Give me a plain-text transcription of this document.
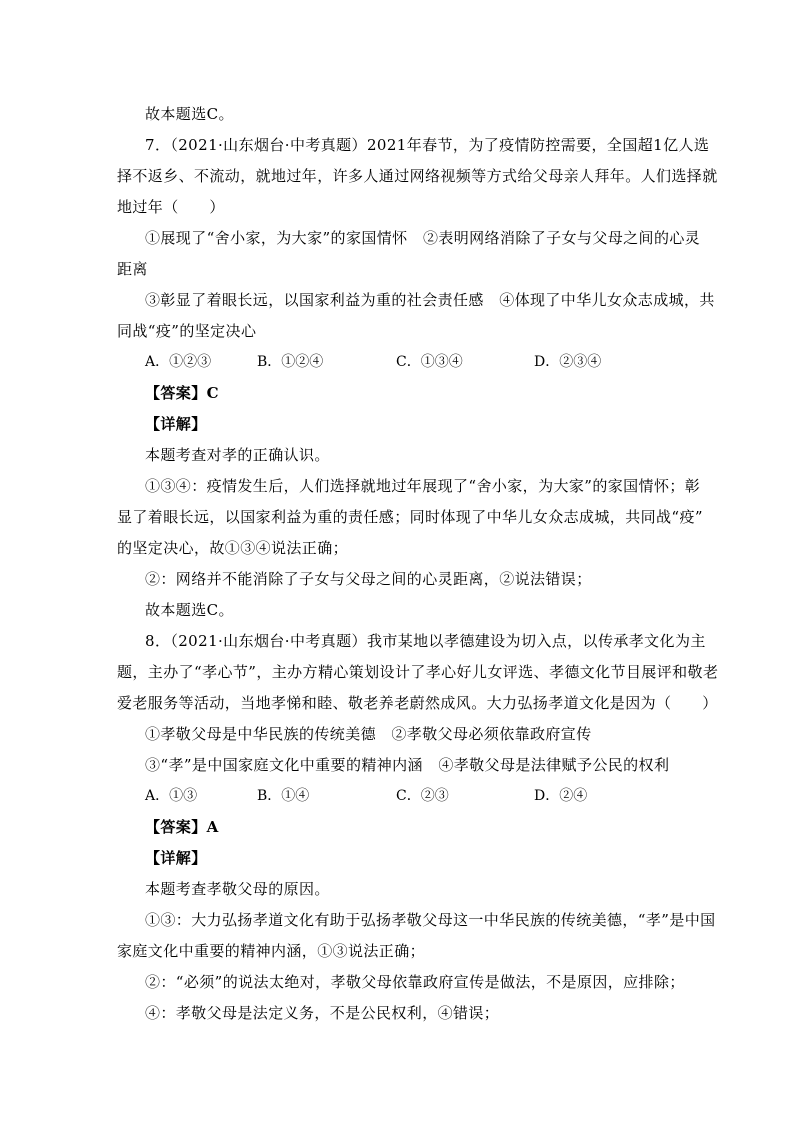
故本题选C。
7．（2021·山东烟台·中考真题）2021年春节，为了疫情防控需要，全国超1亿人选
择不返乡、不流动，就地过年，许多人通过网络视频等方式给父母亲人拜年。人们选择就
地过年（　　）
①展现了“舍小家，为大家”的家国情怀　②表明网络消除了子女与父母之间的心灵
距离
③彰显了着眼长远，以国家利益为重的社会责任感　④体现了中华儿女众志成城，共
同战“疫”的坚定决心
A．①②③	B．①②④	C．①③④	D．②③④
【答案】C
【详解】
本题考查对孝的正确认识。
①③④：疫情发生后，人们选择就地过年展现了“舍小家，为大家”的家国情怀；彰
显了着眼长远，以国家利益为重的责任感；同时体现了中华儿女众志成城，共同战“疫”
的坚定决心，故①③④说法正确；
②：网络并不能消除了子女与父母之间的心灵距离，②说法错误；
故本题选C。
8．（2021·山东烟台·中考真题）我市某地以孝德建设为切入点，以传承孝文化为主
题，主办了“孝心节”，主办方精心策划设计了孝心好儿女评选、孝德文化节目展评和敬老
爱老服务等活动，当地孝悌和睦、敬老养老蔚然成风。大力弘扬孝道文化是因为（　　）
①孝敬父母是中华民族的传统美德　②孝敬父母必须依靠政府宣传
③“孝”是中国家庭文化中重要的精神内涵　④孝敬父母是法律赋予公民的权利
A．①③	B．①④	C．②③	D．②④
【答案】A
【详解】
本题考查孝敬父母的原因。
①③：大力弘扬孝道文化有助于弘扬孝敬父母这一中华民族的传统美德，“孝”是中国
家庭文化中重要的精神内涵，①③说法正确；
②：“必须”的说法太绝对，孝敬父母依靠政府宣传是做法，不是原因，应排除；
④：孝敬父母是法定义务，不是公民权利，④错误；
